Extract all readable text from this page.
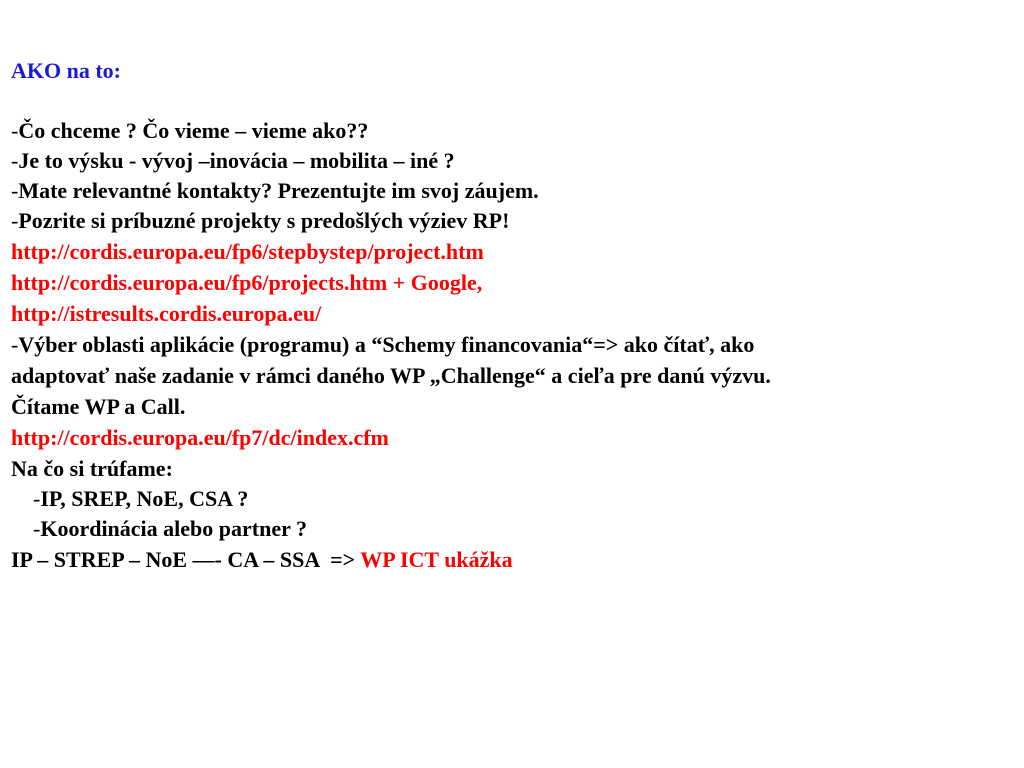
AKO na to:
-Čo chceme ? Čo vieme – vieme ako??
-Je to výsku - vývoj –inovácia – mobilita – iné ?
-Mate relevantné kontakty? Prezentujte im svoj záujem.
-Pozrite si príbuzné projekty s predošlých výziev RP!
http://cordis.europa.eu/fp6/stepbystep/project.htm
http://cordis.europa.eu/fp6/projects.htm + Google,
http://istresults.cordis.europa.eu/
-Výber oblasti aplikácie (programu) a “Schemy financovania“=> ako čítať, ako
adaptovať naše zadanie v rámci daného WP „Challenge“ a cieľa pre danú výzvu.
Čítame WP a Call.
http://cordis.europa.eu/fp7/dc/index.cfm
Na čo si trúfame:
-IP, SREP, NoE, CSA ?
-Koordinácia alebo partner ?
IP – STREP – NoE —- CA – SSA  => WP ICT ukážka
